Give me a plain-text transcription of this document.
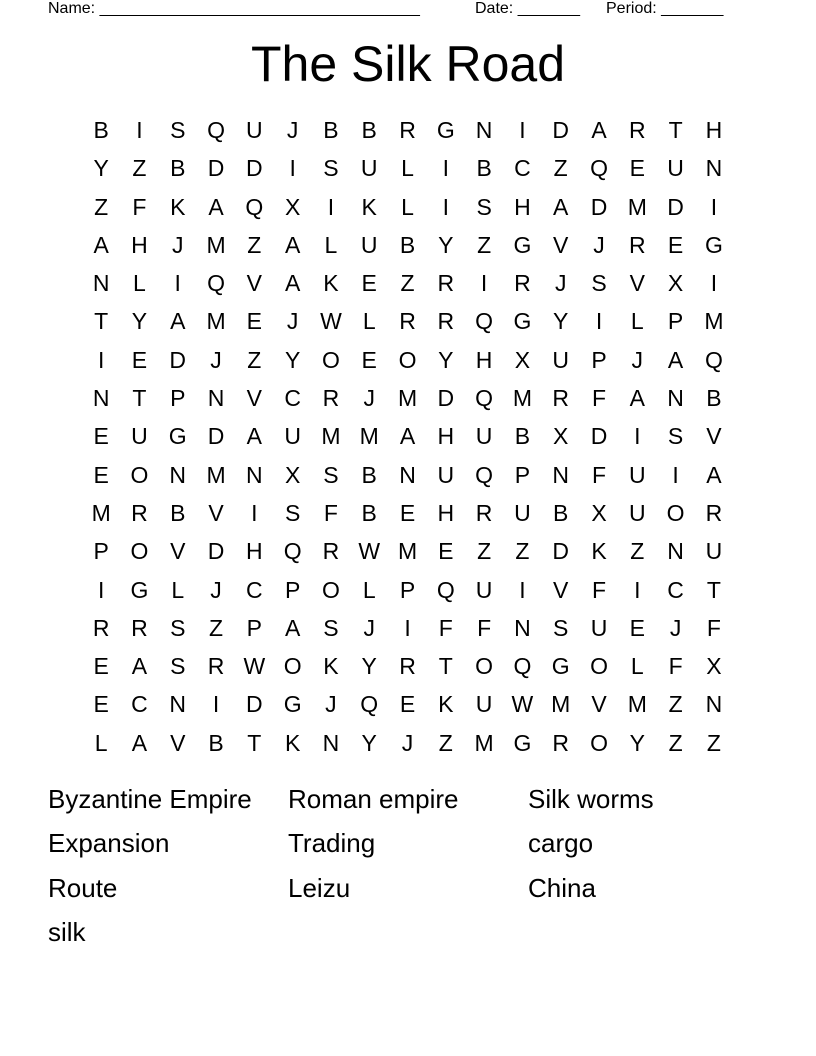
Name: ____________________________________	Date: _______ Period: _______
The Silk Road
B	I	S Q U	J	B B R G N	I	D A R T H
Y	Z	B D D	I	S U	L	I	B C Z Q E U N
Z	F	K A Q X	I	K	L	I	S H A D M D	I
A H	J M Z	A	L	U B Y	Z G V	J	R E G
N	L	I	Q V A K E	Z R	I	R	J	S V X	I
T	Y A M E	J W L	R R Q G Y	I	L	P M
I	E D	J	Z	Y O E O Y H X U P	J	A Q
N T	P N V C R	J M D Q M R F	A N B
E U G D A U M M A H U B X D	I	S V
E O N M N X S B N U Q P N F U	I	A
M R B V	I	S	F	B E H R U B X U O R
P O V D H Q R W M E	Z	Z D K	Z N U
I	G L	J	C P O L	P Q U	I	V	F	I	C T
R R S	Z	P A S	J	I	F	F N S U E	J	F
E A S R W O K Y R T O Q G O L	F	X
E C N	I	D G	J	Q E K U W M V M Z N
L	A V B	T	K N Y	J	Z M G R O Y	Z	Z
Byzantine Empire	Roman empire	Silk worms
Expansion	Trading	cargo
Route	Leizu	China
silk
